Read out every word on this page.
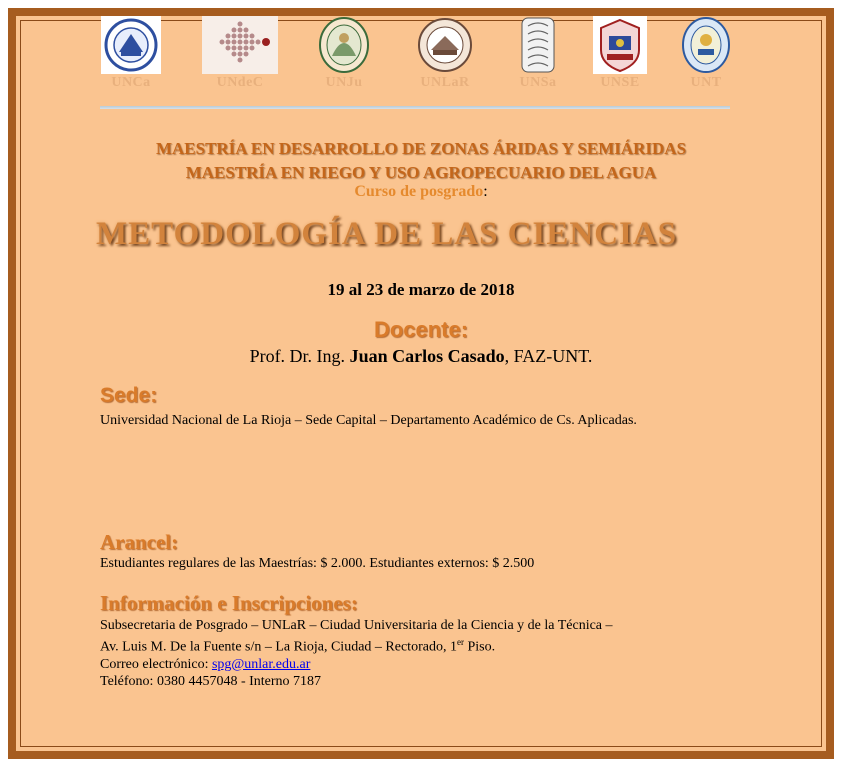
UNCa	UNdeC	UNJu	UNLaR	UNSa	UNSE	UNT
MAESTRÍA EN DESARROLLO DE ZONAS ÁRIDAS Y SEMIÁRIDAS
MAESTRÍA EN RIEGO Y USO AGROPECUARIO DEL AGUA
Curso de posgrado:
METODOLOGÍA DE LAS CIENCIAS
19 al 23 de marzo de 2018
Docente:
Prof. Dr. Ing. Juan Carlos Casado, FAZ-UNT.
Sede:
Universidad Nacional de La Rioja – Sede Capital – Departamento Académico de Cs. Aplicadas.
Arancel:
Estudiantes regulares de las Maestrías: $ 2.000. Estudiantes externos: $ 2.500
Información e Inscripciones:
Subsecretaria de Posgrado – UNLaR – Ciudad Universitaria de la Ciencia y de la Técnica –
Av. Luis M. De la Fuente s/n – La Rioja, Ciudad – Rectorado, 1er Piso.
Correo electrónico: spg@unlar.edu.ar
Teléfono: 0380 4457048 - Interno 7187
